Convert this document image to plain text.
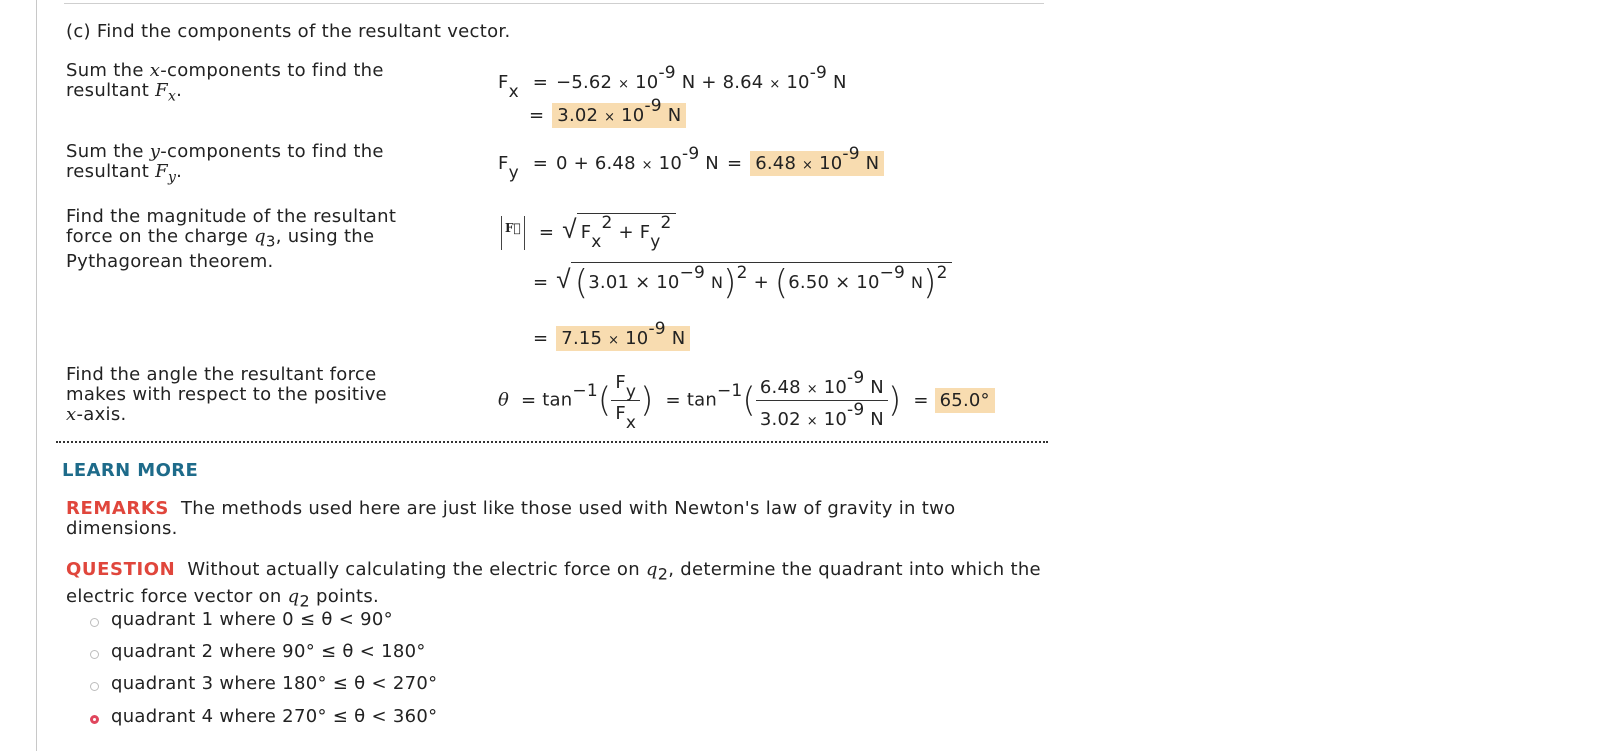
(c) Find the components of the resultant vector.
Sum the x-components to find the resultant $F_x$.
Sum the y-components to find the resultant $F_y$.
Find the magnitude of the resultant force on the charge $q_3$, using the Pythagorean theorem.
Find the angle the resultant force makes with respect to the positive x-axis.
$F_x = -5.62 \times 10^{-9}$ $N + 8.64 \times 10^{-9}$ N
= $3.02 \times 10^{-9}$ N
$F_y = 0 + 6.48 \times 10^{-9}$ $N = 6.48 \times 10^{-9}$ N
F⃗ = √ $F_x^2 + F_y^2$
= √ ($3.01 \times 10^{-9}$ $N)^2 + (6.50 \times 10^{-9}$ N)$^2$
= $7.15 \times 10^{-9}$ N
$\theta = \tan^{-1}( \frac{F_y}{F_x}$ ) = $\tan^{-1}( \frac{6.48 \times 10^{-9} N}{3.02 \times 10^{-9} N}$ ) = 65.0°
LEARN MORE
REMARKS The methods used here are just like those used with Newton's law of gravity in two dimensions.
QUESTION Without actually calculating the electric force on $q_2$, determine the quadrant into which the electric force vector on $q_2$ points.
quadrant 1 where 0 ≤ θ < 90°
quadrant 2 where 90° ≤ θ < 180°
quadrant 3 where 180° ≤ θ < 270°
quadrant 4 where 270° ≤ θ < 360°
